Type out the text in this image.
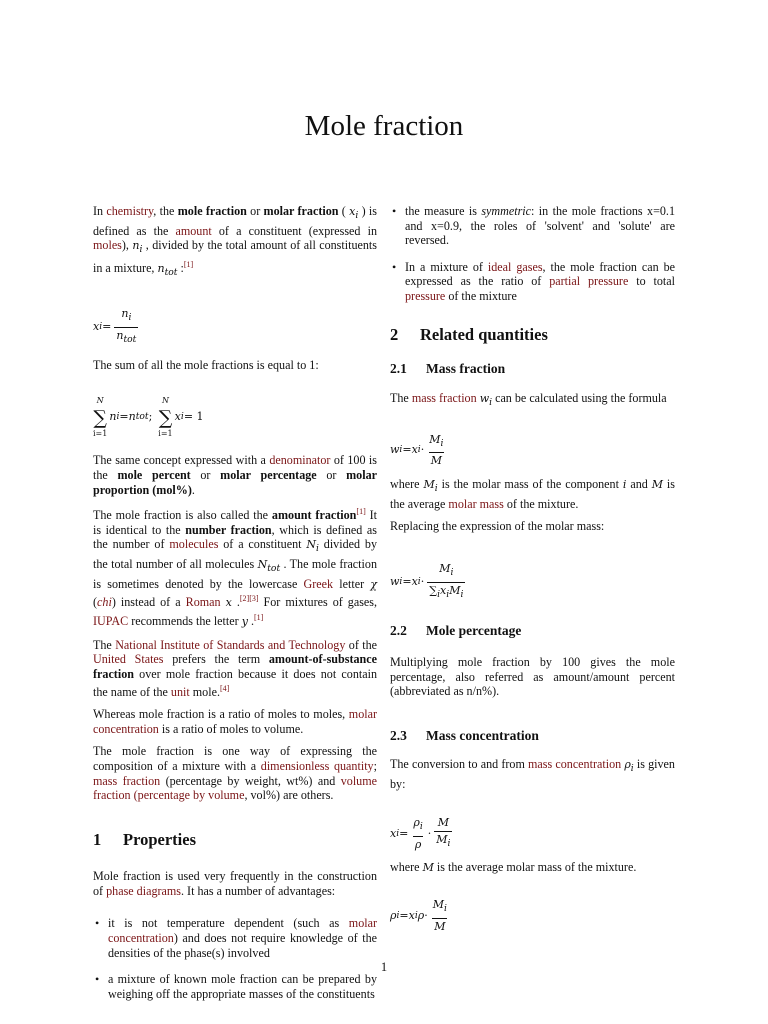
Mole fraction

In chemistry, the mole fraction or molar fraction ( $x_i$ ) is defined as the amount of a constituent (expressed in moles), $n_i$ , divided by the total amount of all constituents in a mixture, $n_{tot}$ :[1]

x $i = \frac{n_i}{n_{tot}}$

The sum of all the mole fractions is equal to 1:

N
∑
i=1
n i = n tot ;
N
∑
i=1
x i = 1

The same concept expressed with a denominator of 100 is the mole percent or molar percentage or molar proportion (mol%).

The mole fraction is also called the amount fraction[1] It is identical to the number fraction, which is defined as the number of molecules of a constituent $N_i$ divided by the total number of all molecules $N_{tot}$ . The mole fraction is sometimes denoted by the lowercase Greek letter χ (chi) instead of a Roman x .[2][3] For mixtures of gases, IUPAC recommends the letter y .[1]

The National Institute of Standards and Technology of the United States prefers the term amount-of-substance fraction over mole fraction because it does not contain the name of the unit mole.[4]

Whereas mole fraction is a ratio of moles to moles, molar concentration is a ratio of moles to volume.

The mole fraction is one way of expressing the composition of a mixture with a dimensionless quantity; mass fraction (percentage by weight, wt%) and volume fraction (percentage by volume, vol%) are others.

1	Properties

Mole fraction is used very frequently in the construction of phase diagrams. It has a number of advantages:

• it is not temperature dependent (such as molar concentration) and does not require knowledge of the densities of the phase(s) involved
• a mixture of known mole fraction can be prepared by weighing off the appropriate masses of the constituents
• the measure is symmetric: in the mole fractions x=0.1 and x=0.9, the roles of 'solvent' and 'solute' are reversed.
• In a mixture of ideal gases, the mole fraction can be expressed as the ratio of partial pressure to total pressure of the mixture
2	Related quantities
2.1	Mass fraction

The mass fraction $w_i$ can be calculated using the formula

w i = x $i \cdot \frac{M_i}{M}$

where $M_i$ is the molar mass of the component i and M is the average molar mass of the mixture.

Replacing the expression of the molar mass:

w i = x $i \cdot \frac{M_i}{\sum_ix_iM_i}$
2.2	Mole percentage

Multiplying mole fraction by 100 gives the mole percentage, also referred as amount/amount percent (abbreviated as n/n%).

2.3	Mass concentration

The conversion to and from mass concentration $\rho_i$ is given by:

x $i = \frac{\rho_i}{\rho} \cdot \frac{M}{M_i}$

where M is the average molar mass of the mixture.

ρ i = x i $\rho \cdot \frac{M_i}{M}$
1
